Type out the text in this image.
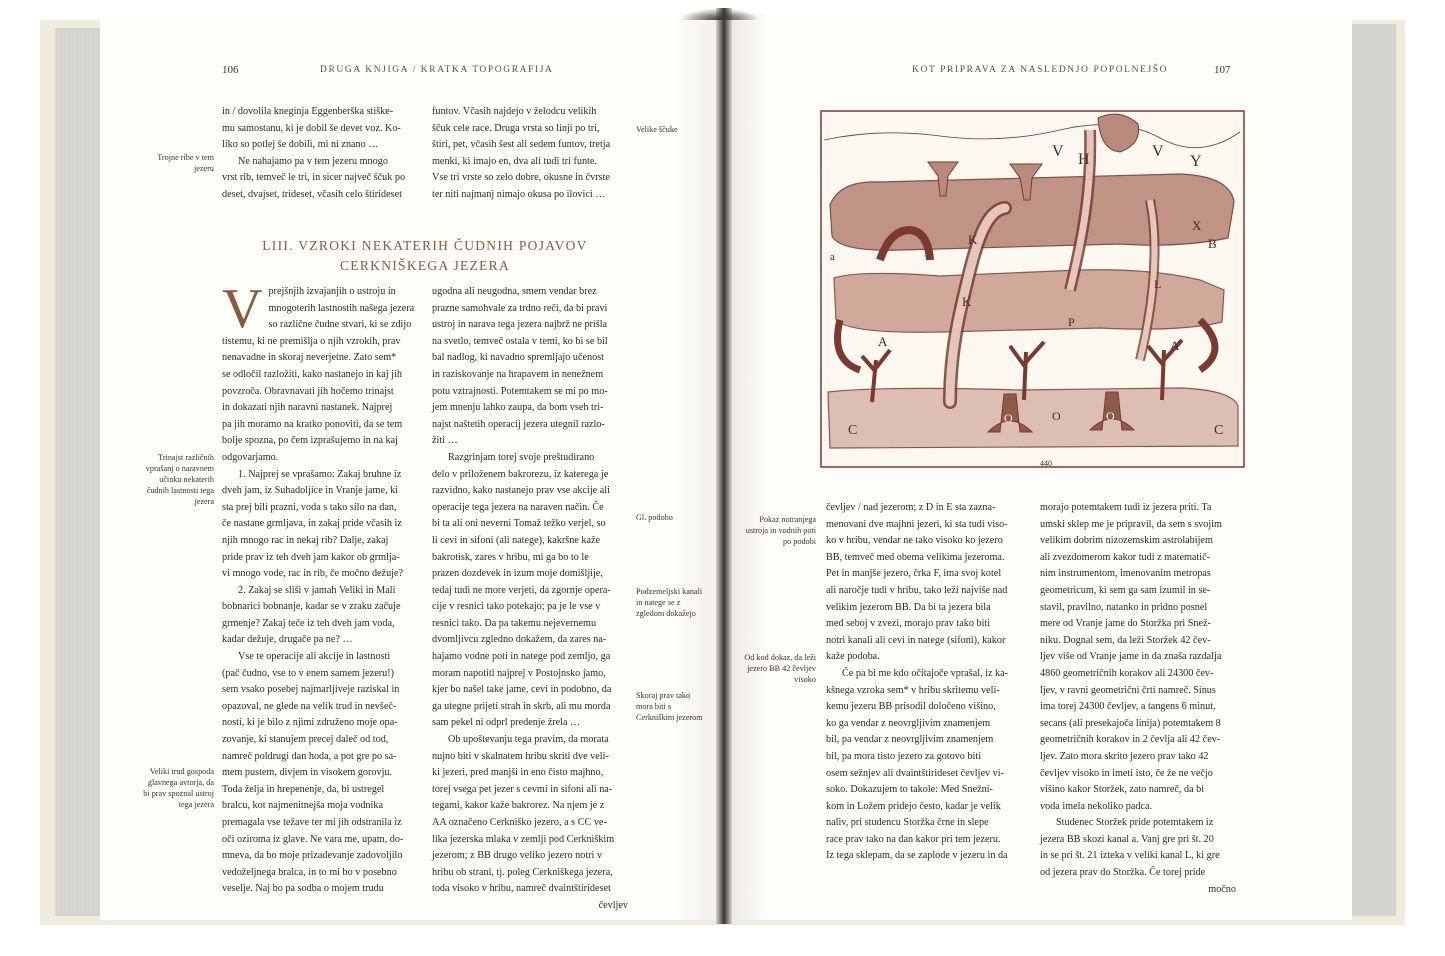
106	DRUGA KNJIGA / KRATKA TOPOGRAFIJA
Trojne ribe v tem jezeru
Velike ščuke

in / dovolila kneginja Eggenberška stiške-

mu samostanu, ki je dobil še devet voz. Ko-

liko so potlej še dobili, mi ni znano …

Ne nahajamo pa v tem jezeru mnogo

vrst rib, temveč le tri, in sicer največ ščuk po

deset, dvajset, trideset, včasih celo štirideset

funtov. Včasih najdejo v želodcu velikih

ščuk cele race. Druga vrsta so linji po tri,

štiri, pet, včasih šest ali sedem funtov, tretja

menki, ki imajo en, dva ali tudi tri funte.

Vse tri vrste so zelo dobre, okusne in čvrste

ter niti najmanj nimajo okusa po ilovici …

LIII. VZROKI NEKATERIH ČUDNIH POJAVOV
CERKNIŠKEGA JEZERA
Trinajst različnih vprašanj o naravnem učinku nekaterih čudnih lastnosti tega jezera
Gl. podobo
Podzemeljski kanali in natege se z zgledom dokažejo
Skoraj prav tako mora biti s Cerkniškim jezerom
Veliki trud gospoda glavnega avtorja, da bi prav spoznal ustroj tega jezera
V prejšnjih izvajanjih o ustroju in

mnogoterih lastnostih našega jezera

so različne čudne stvari, ki se zdijo

tistemu, ki ne premišlja o njih vzrokih, prav

nenavadne in skoraj neverjetne. Zato sem*

se odločil razložiti, kako nastanejo in kaj jih

povzroča. Obravnavati jih hočemo trinajst

in dokazati njih naravni nastanek. Najprej

pa jih moramo na kratko ponoviti, da se tem

bolje spozna, po čem izprašujemo in na kaj

odgovarjamo.

1. Najprej se vprašamo: Zakaj bruhne iz

dveh jam, iz Suhadoljice in Vranje jame, ki

sta prej bili prazni, voda s tako silo na dan,

če nastane grmljava, in zakaj pride včasih iz

njih mnogo rac in nekaj rib? Dalje, zakaj

pride prav iz teh dveh jam kakor ob grmlja-

vi mnogo vode, rac in rib, če močno dežuje?

2. Zakaj se sliši v jamah Veliki in Mali

bobnarici bobnanje, kadar se v zraku začuje

grmenje? Zakaj teče iz teh dveh jam voda,

kadar dežuje, drugače pa ne? …

Vse te operacije ali akcije in lastnosti

(pač čudno, vse to v enem samem jezeru!)

sem vsako posebej najmarljiveje raziskal in

opazoval, ne glede na velik trud in nevšeč-

nosti, ki je bilo z njimi združeno moje opa-

zovanje, ki stanujem precej daleč od tod,

namreč poldrugi dan hoda, a pot gre po sa-

mem pustem, divjem in visokem gorovju.

Toda želja in hrepenenje, da, bi ustregel

bralcu, kot najmenitnejša moja vodnika

premagala vse težave ter mi jih odstranila iz

oči oziroma iz glave. Ne vara me, upam, do-

mneva, da bo moje prizadevanje zadovoljilo

vedoželjnega bralca, in to mi bo v posebno

veselje. Naj bo pa sodba o mojem trudu

ugodna ali neugodna, smem vendar brez

prazne samohvale za trdno reči, da bi pravi

ustroj in narava tega jezera najbrž ne prišla

na svetlo, temveč ostala v temi, ko bi se bil

bal nadlog, ki navadno spremljajo učenost

in raziskovanje na hrapavem in nenežnem

potu vztrajnosti. Potemtakem se mi po mo-

jem mnenju lahko zaupa, da bom vseh tri-

najst naštetih operacij jezera utegnil razlo-

žiti …

Razgrinjam torej svoje preštudirano

delo v priloženem bakrorezu, iz katerega je

razvidno, kako nastanejo prav vse akcije ali

operacije tega jezera na naraven način. Če

bi ta ali oni neverni Tomaž težko verjel, so

li cevi in sifoni (ali natege), kakršne kaže

bakrotisk, zares v hribu, mi ga bo to le

prazen dozdevek in izum moje domišljije,

tedaj tudi ne more verjeti, da zgornje opera-

cije v resnici tako potekajo; pa je le vse v

resnici tako. Da pa takemu nejevernemu

dvomljivcu zgledno dokažem, da zares na-

hajamo vodne poti in natege pod zemljo, ga

moram napotiti najprej v Postojnsko jamo,

kjer bo našel take jame, cevi in podobno, da

ga utegne prijeti strah in skrb, ali mu morda

sam pekel ni odprl predenje žrela …

Ob upoštevanju tega pravim, da morata

nujno biti v skalnatem hribu skriti dve veli-

ki jezeri, pred manjši in eno čisto majhno,

torej vsega pet jezer s cevmi in sifoni ali na-

tegami, kakor kaže bakrorez. Na njem je z

AA označeno Cerkniško jezero, a s CC ve-

lika jezerska mlaka v zemlji pod Cerkniškim

jezerom; z BB drugo veliko jezero notri v

hribu ob strani, tj. poleg Cerkniškega jezera,

toda visoko v hribu, namreč dvaintštirideset

čevljev

KOT PRIPRAVA ZA NASLEDNJO POPOLNEJŠO	107
V H	V
Y
a
K
K
X
B
L
P
A	A
O	O	O
C	C
440
Pokaz notranjega ustroja in vodnih poti po podobi
Od kod dokaz, da leži jezero BB 42 čevljev visoko

čevljev / nad jezerom; z D in E sta zazna-

menovani dve majhni jezeri, ki sta tudi viso-

ko v hribu, vendar ne tako visoko ko jezero

BB, temveč med obema velikima jezeroma.

Pet in manjše jezero, črka F, ima svoj kotel

ali naročje tudi v hribu, tako leži najviše nad

velikim jezerom BB. Da bi ta jezera bila

med seboj v zvezi, morajo prav tako biti

notri kanali ali cevi in natege (sifoni), kakor

kaže podoba.

Če pa bi me kdo očitajoče vprašal, iz ka-

kšnega vzroka sem* v hribu skritemu veli-

kemu jezeru BB prisodil določeno višino,

ko ga vendar z neovrgljivim znamenjem

bil, pa vendar z neovrgljivim znamenjem

bil, pa mora tisto jezero za gotovo biti

osem sežnjev ali dvaintštirideset čevljev vi-

soko. Dokazujem to takole: Med Snežni-

kom in Ložem pridejo često, kadar je velik

naliv, pri studencu Storžka črne in slepe

race prav tako na dan kakor pri tem jezeru.

Iz tega sklepam, da se zaplode v jezeru in da

morajo potemtakem tudi iz jezera priti. Ta

umski sklep me je pripravil, da sem s svojim

velikim dobrim nizozemskim astrolabijem

ali zvezdomerom kakor tudi z matematič-

nim instrumentom, imenovanim metropas

geometricum, ki sem ga sam izumil in se-

stavil, pravilno, natanko in pridno posnel

mere od Vranje jame do Storžka pri Snež-

niku. Dognal sem, da leži Storžek 42 čev-

ljev više od Vranje jame in da znaša razdalja

4860 geometričnih korakov ali 24300 čev-

ljev, v ravni geometrični črti namreč. Sinus

ima torej 24300 čevljev, a tangens 6 minut,

secans (ali presekajoča linija) potemtakem 8

geometričnih korakov in 2 čevlja ali 42 čev-

ljev. Zato mora skrito jezero prav tako 42

čevljev visoko in imeti isto, če že ne večjo

višino kakor Storžek, zato namreč, da bi

voda imela nekoliko padca.

Studenec Storžek pride potemtakem iz

jezera BB skozi kanal a. Vanj gre pri št. 20

in se pri št. 21 izteka v veliki kanal L, ki gre

od jezera prav do Storžka. Če torej pride

močno
